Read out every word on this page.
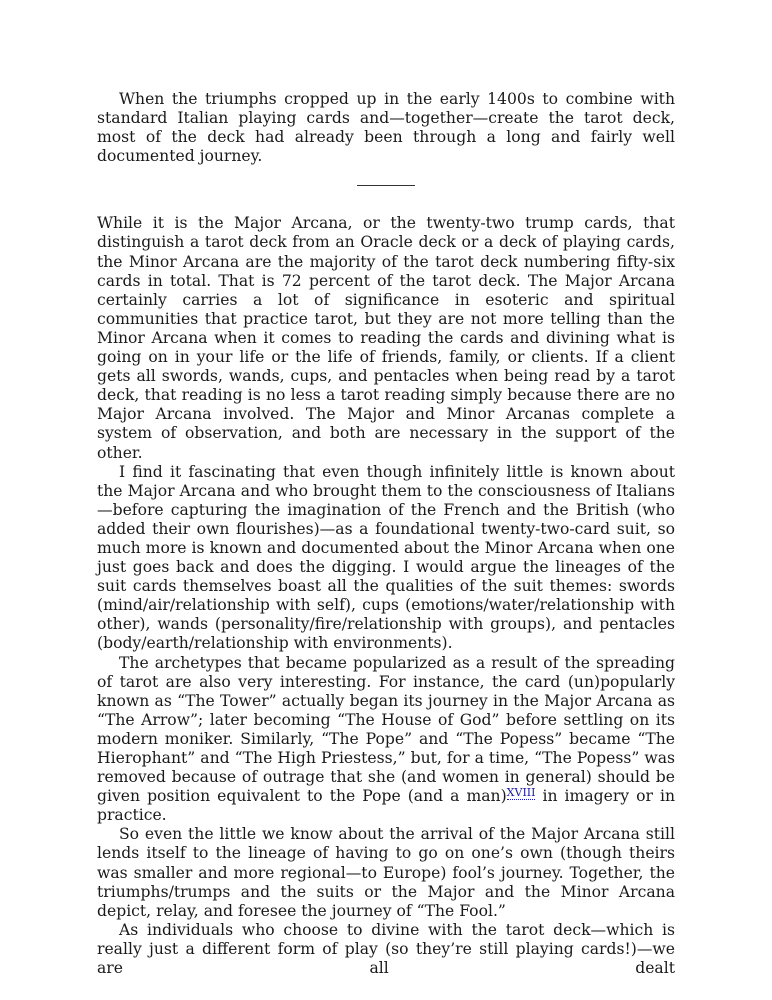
When the triumphs cropped up in the early 1400s to combine with standard Italian playing cards and—together—create the tarot deck, most of the deck had already been through a long and fairly well documented journey.

While it is the Major Arcana, or the twenty-two trump cards, that distinguish a tarot deck from an Oracle deck or a deck of playing cards, the Minor Arcana are the majority of the tarot deck numbering fifty-six cards in total. That is 72 percent of the tarot deck. The Major Arcana certainly carries a lot of significance in esoteric and spiritual communities that practice tarot, but they are not more telling than the Minor Arcana when it comes to reading the cards and divining what is going on in your life or the life of friends, family, or clients. If a client gets all swords, wands, cups, and pentacles when being read by a tarot deck, that reading is no less a tarot reading simply because there are no Major Arcana involved. The Major and Minor Arcanas complete a system of observation, and both are necessary in the support of the other.

I find it fascinating that even though infinitely little is known about the Major Arcana and who brought them to the consciousness of Italians—before capturing the imagination of the French and the British (who added their own flourishes)—as a foundational twenty-two-card suit, so much more is known and documented about the Minor Arcana when one just goes back and does the digging. I would argue the lineages of the suit cards themselves boast all the qualities of the suit themes: swords (mind/air/relationship with self), cups (emotions/water/relationship with other), wands (personality/fire/relationship with groups), and pentacles (body/earth/relationship with environments).

The archetypes that became popularized as a result of the spreading of tarot are also very interesting. For instance, the card (un)popularly known as “The Tower” actually began its journey in the Major Arcana as “The Arrow”; later becoming “The House of God” before settling on its modern moniker. Similarly, “The Pope” and “The Popess” became “The Hierophant” and “The High Priestess,” but, for a time, “The Popess” was removed because of outrage that she (and women in general) should be given position equivalent to the Pope (and a man)$^{XVIII}$ in imagery or in practice.

So even the little we know about the arrival of the Major Arcana still lends itself to the lineage of having to go on one’s own (though theirs was smaller and more regional—to Europe) fool’s journey. Together, the triumphs/trumps and the suits or the Major and the Minor Arcana depict, relay, and foresee the journey of “The Fool.”

As individuals who choose to divine with the tarot deck—which is really just a different form of play (so they’re still playing cards!)—we are all dealt
